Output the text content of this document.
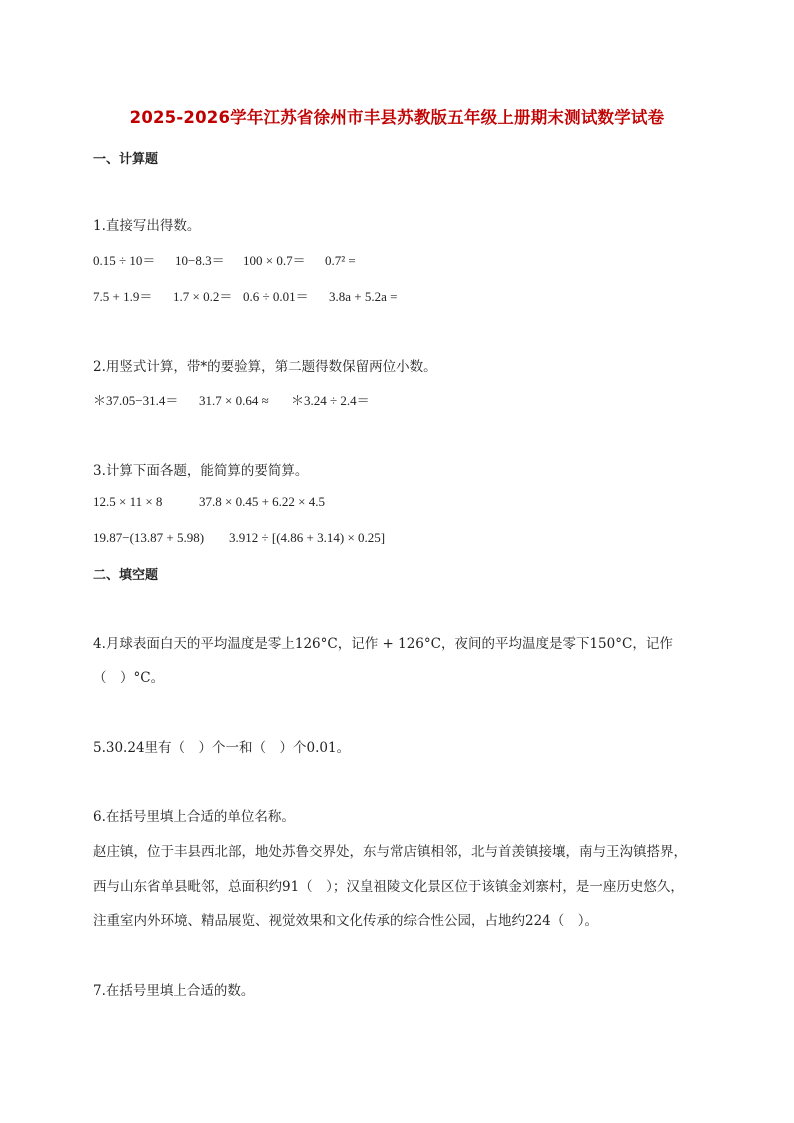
2025-2026学年江苏省徐州市丰县苏教版五年级上册期末测试数学试卷
一、计算题
1.直接写出得数。
0.15 ÷ 10＝ 10−8.3＝ 100 × 0.7＝ 0.7² =
7.5 + 1.9＝ 1.7 × 0.2＝ 0.6 ÷ 0.01＝ 3.8a + 5.2a =
2.用竖式计算，带*的要验算，第二题得数保留两位小数。
＊37.05−31.4＝ 31.7 × 0.64 ≈ ＊3.24 ÷ 2.4＝
3.计算下面各题，能简算的要简算。
12.5 × 11 × 8	37.8 × 0.45 + 6.22 × 4.5
19.87−(13.87 + 5.98) 3.912 ÷ [(4.86 + 3.14) × 0.25]
二、填空题
4.月球表面白天的平均温度是零上126°C，记作 + 126°C，夜间的平均温度是零下150°C，记作
（　）°C。
5.30.24里有（　）个一和（　）个0.01。
6.在括号里填上合适的单位名称。
赵庄镇，位于丰县西北部，地处苏鲁交界处，东与常店镇相邻，北与首羡镇接壤，南与王沟镇搭界，
西与山东省单县毗邻，总面积约91（　）；汉皇祖陵文化景区位于该镇金刘寨村，是一座历史悠久，
注重室内外环境、精品展览、视觉效果和文化传承的综合性公园，占地约224（　）。
7.在括号里填上合适的数。
